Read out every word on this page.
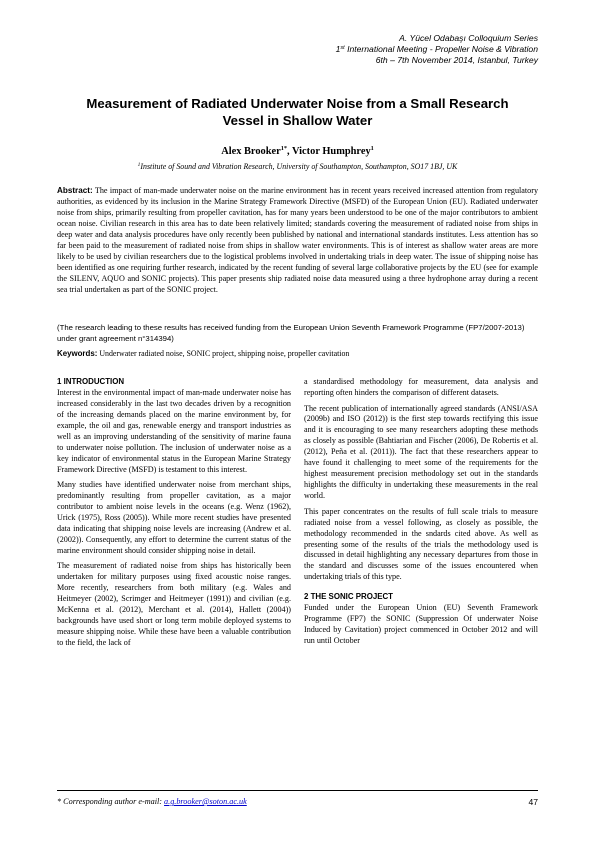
A. Yücel Odabaşı Colloquium Series
1st International Meeting - Propeller Noise & Vibration
6th – 7th November 2014, Istanbul, Turkey
Measurement of Radiated Underwater Noise from a Small Research
Vessel in Shallow Water
Alex Brooker$^{1*}$, Victor Humphrey$^1$
$^1$Institute of Sound and Vibration Research, University of Southampton, Southampton, SO17 1BJ, UK

Abstract: The impact of man-made underwater noise on the marine environment has in recent years received increased attention from regulatory authorities, as evidenced by its inclusion in the Marine Strategy Framework Directive (MSFD) of the European Union (EU). Radiated underwater noise from ships, primarily resulting from propeller cavitation, has for many years been understood to be one of the major contributors to ambient ocean noise. Civilian research in this area has to date been relatively limited; standards covering the measurement of radiated noise from ships in deep water and data analysis procedures have only recently been published by national and international standards institutes. Less attention has so far been paid to the measurement of radiated noise from ships in shallow water environments. This is of interest as shallow water areas are more likely to be used by civilian researchers due to the logistical problems involved in undertaking trials in deep water. The issue of shipping noise has been identified as one requiring further research, indicated by the recent funding of several large collaborative projects by the EU (see for example the SILENV, AQUO and SONIC projects). This paper presents ship radiated noise data measured using a three hydrophone array during a recent sea trial undertaken as part of the SONIC project.

(The research leading to these results has received funding from the European Union Seventh Framework Programme (FP7/2007-2013) under grant agreement n°314394)

Keywords: Underwater radiated noise, SONIC project, shipping noise, propeller cavitation

1 INTRODUCTION

Interest in the environmental impact of man-made underwater noise has increased considerably in the last two decades driven by a recognition of the increasing demands placed on the marine environment by, for example, the oil and gas, renewable energy and transport industries as well as an improving understanding of the sensitivity of marine fauna to underwater noise pollution. The inclusion of underwater noise as a key indicator of environmental status in the European Marine Strategy Framework Directive (MSFD) is testament to this interest.

Many studies have identified underwater noise from merchant ships, predominantly resulting from propeller cavitation, as a major contributor to ambient noise levels in the oceans (e.g. Wenz (1962), Urick (1975), Ross (2005)). While more recent studies have presented data indicating that shipping noise levels are increasing (Andrew et al. (2002)). Consequently, any effort to determine the current status of the marine environment should consider shipping noise in detail.

The measurement of radiated noise from ships has historically been undertaken for military purposes using fixed acoustic noise ranges. More recently, researchers from both military (e.g. Wales and Heitmeyer (2002), Scrimger and Heitmeyer (1991)) and civilian (e.g. McKenna et al. (2012), Merchant et al. (2014), Hallett (2004)) backgrounds have used short or long term mobile deployed systems to measure shipping noise. While these have been a valuable contribution to the field, the lack of

a standardised methodology for measurement, data analysis and reporting often hinders the comparison of different datasets.

The recent publication of internationally agreed standards (ANSI/ASA (2009b) and ISO (2012)) is the first step towards rectifying this issue and it is encouraging to see many researchers adopting these methods as closely as possible (Bahtiarian and Fischer (2006), De Robertis et al. (2012), Peña et al. (2011)). The fact that these researchers appear to have found it challenging to meet some of the requirements for the highest measurement precision methodology set out in the standards highlights the difficulty in undertaking these measurements in the real world.

This paper concentrates on the results of full scale trials to measure radiated noise from a vessel following, as closely as possible, the methodology recommended in the sndards cited above. As well as presenting some of the results of the trials the methodology used is discussed in detail highlighting any necessary departures from those in the standard and discusses some of the issues encountered when undertaking trials of this type.

2 THE SONIC PROJECT

Funded under the European Union (EU) Seventh Framework Programme (FP7) the SONIC (Suppression Of underwater Noise Induced by Cavitation) project commenced in October 2012 and will run until October

* Corresponding author e-mail: a.g.brooker@soton.ac.uk	47
